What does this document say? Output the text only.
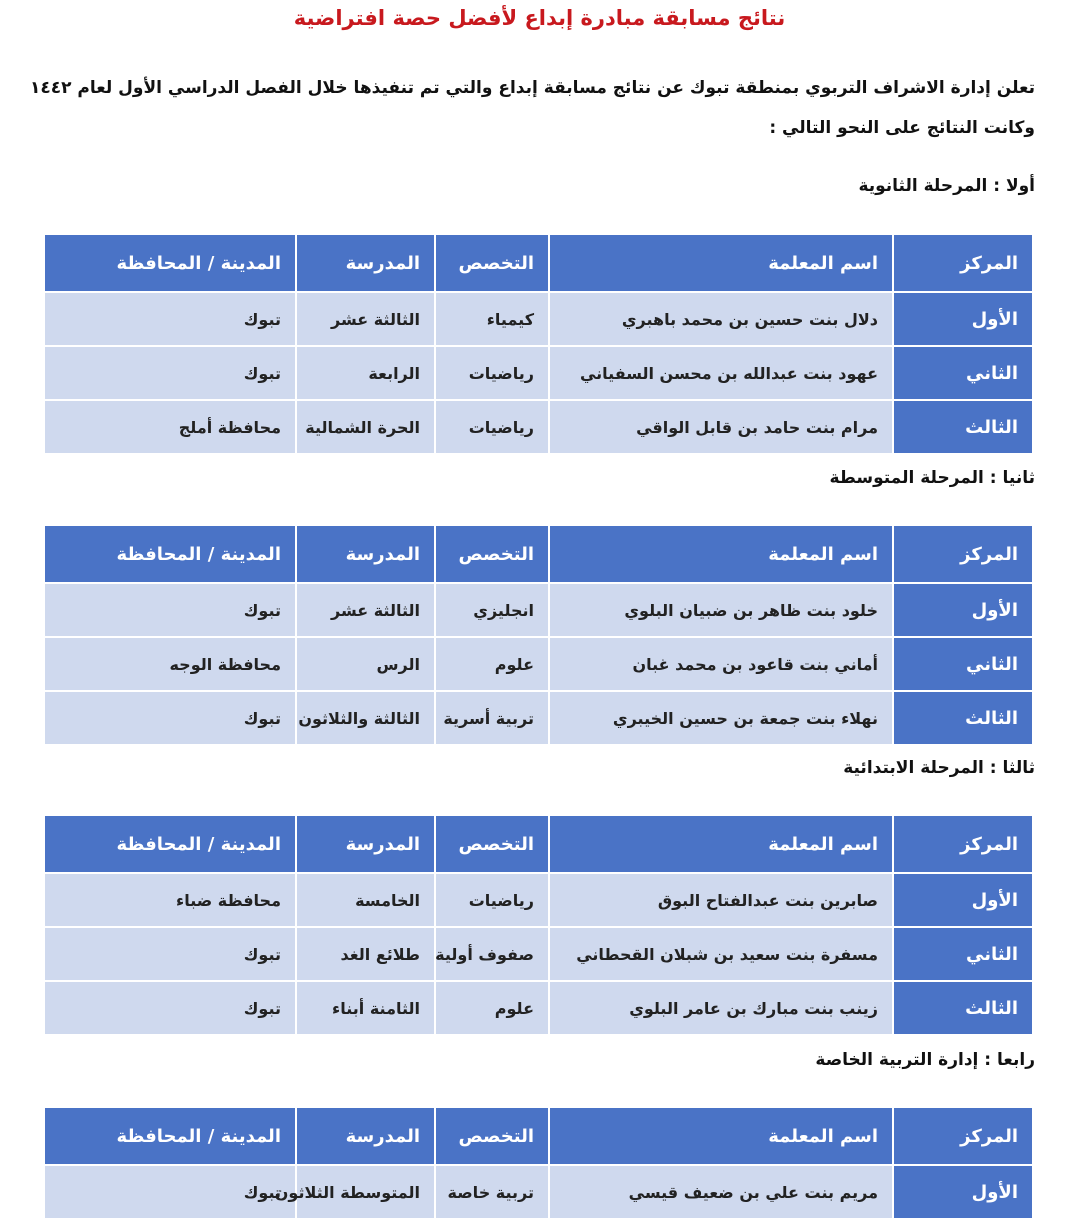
نتائج مسابقة مبادرة إبداع لأفضل حصة افتراضية
تعلن إدارة الاشراف التربوي بمنطقة تبوك عن نتائج مسابقة إبداع والتي تم تنفيذها خلال الفصل الدراسي الأول لعام ١٤٤٢
وكانت النتائج على النحو التالي :
أولا : المرحلة الثانوية
المركز	اسم المعلمة	التخصص	المدرسة	المدينة / المحافظة
الأول	دلال بنت حسين بن محمد باهبري	كيمياء	الثالثة عشر	تبوك
الثاني	عهود بنت عبدالله بن محسن السفياني	رياضيات	الرابعة	تبوك
الثالث	مرام بنت حامد بن قابل الواقي	رياضيات	الحرة الشمالية	محافظة أملج
ثانيا : المرحلة المتوسطة
المركز	اسم المعلمة	التخصص	المدرسة	المدينة / المحافظة
الأول	خلود بنت ظاهر بن ضبيان البلوي	انجليزي	الثالثة عشر	تبوك
الثاني	أماني بنت قاعود بن محمد غبان	علوم	الرس	محافظة الوجه
الثالث	نهلاء بنت جمعة بن حسين الخيبري	تربية أسرية	الثالثة والثلاثون	تبوك
ثالثا : المرحلة الابتدائية
المركز	اسم المعلمة	التخصص	المدرسة	المدينة / المحافظة
الأول	صابرين بنت عبدالفتاح البوق	رياضيات	الخامسة	محافظة ضباء
الثاني	مسفرة بنت سعيد بن شبلان القحطاني	صفوف أولية	طلائع الغد	تبوك
الثالث	زينب بنت مبارك بن عامر البلوي	علوم	الثامنة أبناء	تبوك
رابعا : إدارة التربية الخاصة
المركز	اسم المعلمة	التخصص	المدرسة	المدينة / المحافظة
الأول	مريم بنت علي بن ضعيف قيسي	تربية خاصة	المتوسطة الثلاثون	تبوك
